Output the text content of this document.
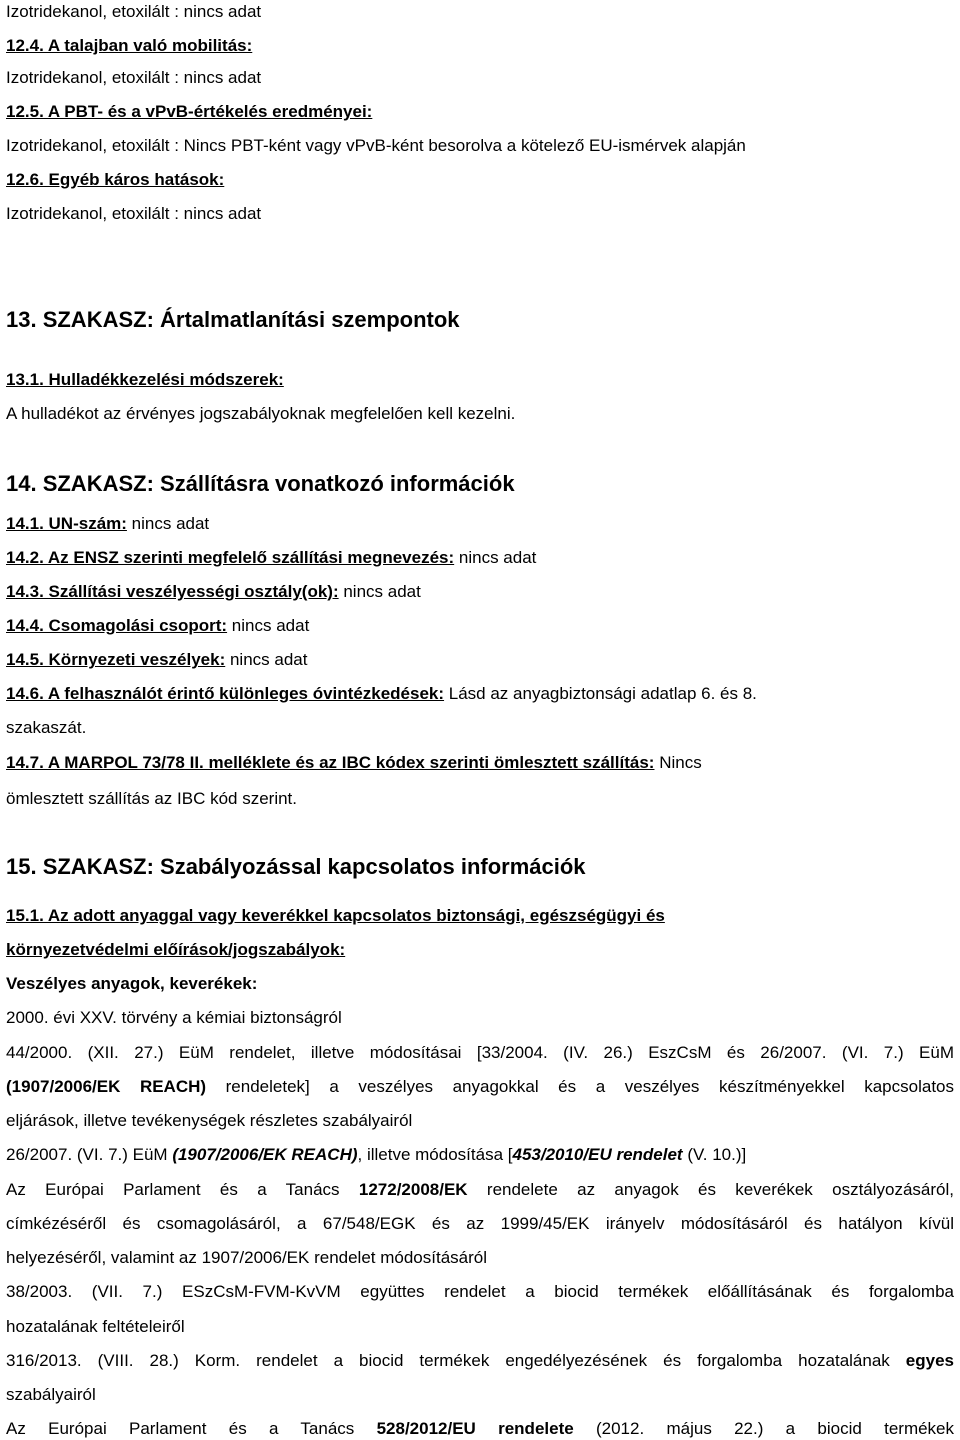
Izotridekanol, etoxilált : nincs adat
12.4. A talajban való mobilitás:
Izotridekanol, etoxilált : nincs adat
12.5. A PBT- és a vPvB-értékelés eredményei:
Izotridekanol, etoxilált : Nincs PBT-ként vagy vPvB-ként besorolva a kötelező EU-ismérvek alapján
12.6. Egyéb káros hatások:
Izotridekanol, etoxilált : nincs adat
13. SZAKASZ: Ártalmatlanítási szempontok
13.1. Hulladékkezelési módszerek:
A hulladékot az érvényes jogszabályoknak megfelelően kell kezelni.
14. SZAKASZ: Szállításra vonatkozó információk
14.1. UN-szám: nincs adat
14.2. Az ENSZ szerinti megfelelő szállítási megnevezés: nincs adat
14.3. Szállítási veszélyességi osztály(ok): nincs adat
14.4. Csomagolási csoport: nincs adat
14.5. Környezeti veszélyek: nincs adat
14.6. A felhasználót érintő különleges óvintézkedések: Lásd az anyagbiztonsági adatlap 6. és 8.
szakaszát.
14.7. A MARPOL 73/78 II. melléklete és az IBC kódex szerinti ömlesztett szállítás: Nincs
ömlesztett szállítás az IBC kód szerint.
15. SZAKASZ: Szabályozással kapcsolatos információk
15.1. Az adott anyaggal vagy keverékkel kapcsolatos biztonsági, egészségügyi és
környezetvédelmi előírások/jogszabályok:
Veszélyes anyagok, keverékek:
2000. évi XXV. törvény a kémiai biztonságról
44/2000. (XII. 27.) EüM rendelet, illetve módosításai [33/2004. (IV. 26.) EszCsM és 26/2007. (VI. 7.) EüM
(1907/2006/EK REACH) rendeletek] a veszélyes anyagokkal és a veszélyes készítményekkel kapcsolatos
eljárások, illetve tevékenységek részletes szabályairól
26/2007. (VI. 7.) EüM (1907/2006/EK REACH), illetve módosítása [453/2010/EU rendelet (V. 10.)]
Az Európai Parlament és a Tanács 1272/2008/EK rendelete az anyagok és keverékek osztályozásáról,
címkézéséről és csomagolásáról, a 67/548/EGK és az 1999/45/EK irányelv módosításáról és hatályon kívül
helyezéséről, valamint az 1907/2006/EK rendelet módosításáról
38/2003. (VII. 7.) ESzCsM-FVM-KvVM együttes rendelet a biocid termékek előállításának és forgalomba
hozatalának feltételeiről
316/2013. (VIII. 28.) Korm. rendelet a biocid termékek engedélyezésének és forgalomba hozatalának egyes
szabályairól
Az Európai Parlament és a Tanács 528/2012/EU rendelete (2012. május 22.) a biocid termékek
